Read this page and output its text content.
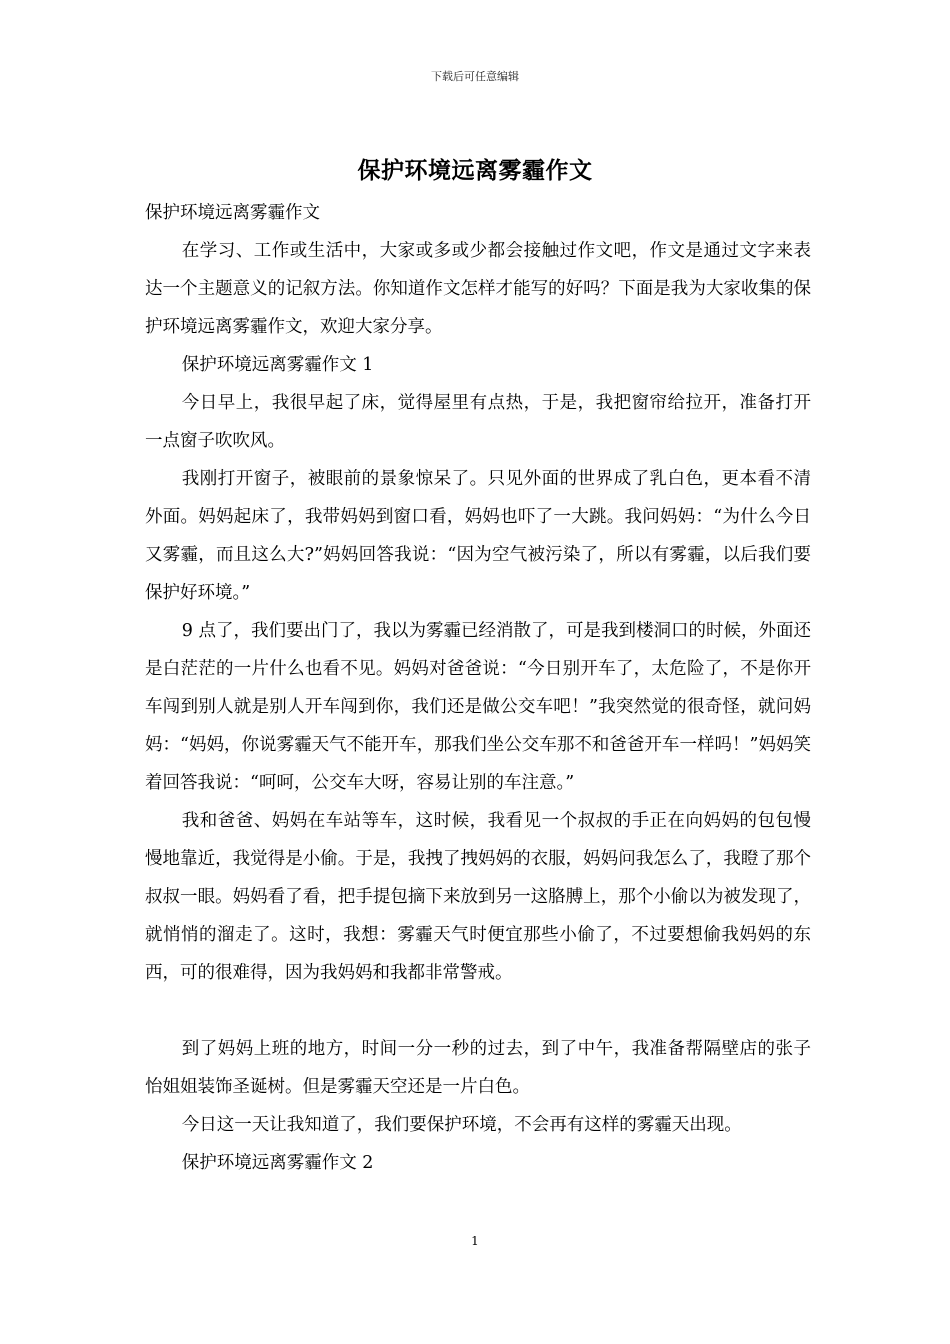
下载后可任意编辑
保护环境远离雾霾作文

保护环境远离雾霾作文

在学习、工作或生活中，大家或多或少都会接触过作文吧，作文是通过文字来表达一个主题意义的记叙方法。你知道作文怎样才能写的好吗？下面是我为大家收集的保护环境远离雾霾作文，欢迎大家分享。

保护环境远离雾霾作文 1

今日早上，我很早起了床，觉得屋里有点热，于是，我把窗帘给拉开，准备打开一点窗子吹吹风。

我刚打开窗子，被眼前的景象惊呆了。只见外面的世界成了乳白色，更本看不清外面。妈妈起床了，我带妈妈到窗口看，妈妈也吓了一大跳。我问妈妈：“为什么今日又雾霾，而且这么大?”妈妈回答我说：“因为空气被污染了，所以有雾霾，以后我们要保护好环境。”

9 点了，我们要出门了，我以为雾霾已经消散了，可是我到楼洞口的时候，外面还是白茫茫的一片什么也看不见。妈妈对爸爸说：“今日别开车了，太危险了，不是你开车闯到别人就是别人开车闯到你，我们还是做公交车吧！”我突然觉的很奇怪，就问妈妈：“妈妈，你说雾霾天气不能开车，那我们坐公交车那不和爸爸开车一样吗！”妈妈笑着回答我说：“呵呵，公交车大呀，容易让别的车注意。”

我和爸爸、妈妈在车站等车，这时候，我看见一个叔叔的手正在向妈妈的包包慢慢地靠近，我觉得是小偷。于是，我拽了拽妈妈的衣服，妈妈问我怎么了，我瞪了那个叔叔一眼。妈妈看了看，把手提包摘下来放到另一这胳膊上，那个小偷以为被发现了，就悄悄的溜走了。这时，我想：雾霾天气时便宜那些小偷了，不过要想偷我妈妈的东西，可的很难得，因为我妈妈和我都非常警戒。

到了妈妈上班的地方，时间一分一秒的过去，到了中午，我准备帮隔壁店的张子怡姐姐装饰圣诞树。但是雾霾天空还是一片白色。

今日这一天让我知道了，我们要保护环境，不会再有这样的雾霾天出现。

保护环境远离雾霾作文 2

1
